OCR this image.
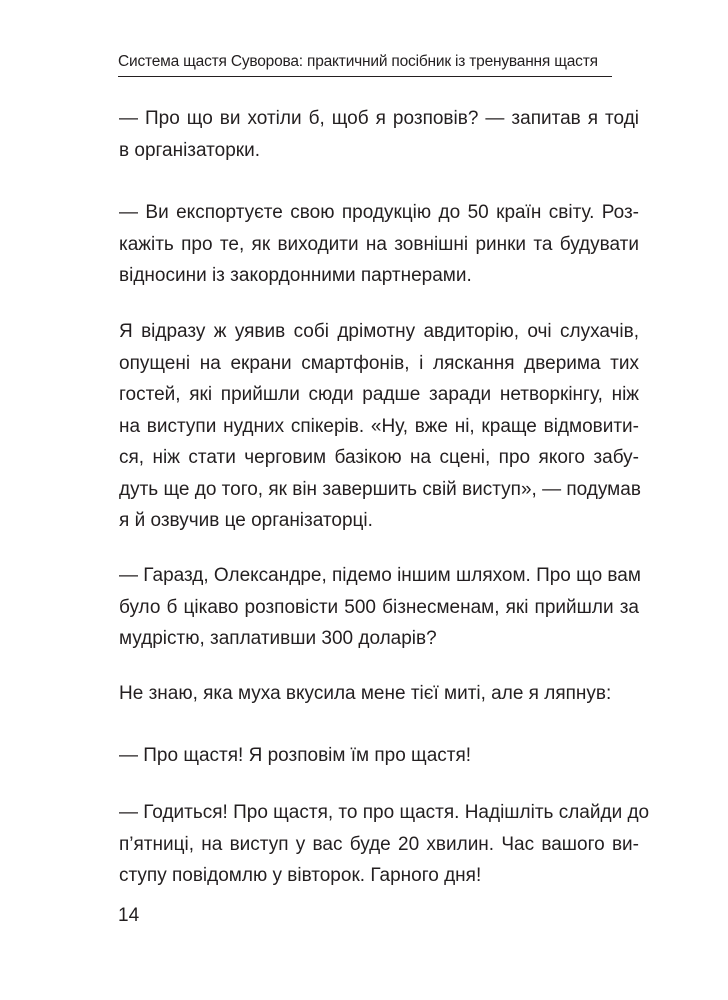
Система щастя Суворова: практичний посібник із тренування щастя
— Про що ви хотіли б, щоб я розповів? — запитав я тоді
в організаторки.
— Ви експортуєте свою продукцію до 50 країн світу. Роз-
кажіть про те, як виходити на зовнішні ринки та будувати
відносини із закордонними партнерами.
Я відразу ж уявив собі дрімотну авдиторію, очі слухачів,
опущені на екрани смартфонів, і ляскання дверима тих
гостей, які прийшли сюди радше заради нетворкінгу, ніж
на виступи нудних спікерів. «Ну, вже ні, краще відмовити-
ся, ніж стати черговим базікою на сцені, про якого забу-
дуть ще до того, як він завершить свій виступ», — подумав
я й озвучив це організаторці.
— Гаразд, Олександре, підемо іншим шляхом. Про що вам
було б цікаво розповісти 500 бізнесменам, які прийшли за
мудрістю, заплативши 300 доларів?
Не знаю, яка муха вкусила мене тієї миті, але я ляпнув:
— Про щастя! Я розповім їм про щастя!
— Годиться! Про щастя, то про щастя. Надішліть слайди до
п’ятниці, на виступ у вас буде 20 хвилин. Час вашого ви-
ступу повідомлю у вівторок. Гарного дня!
14
